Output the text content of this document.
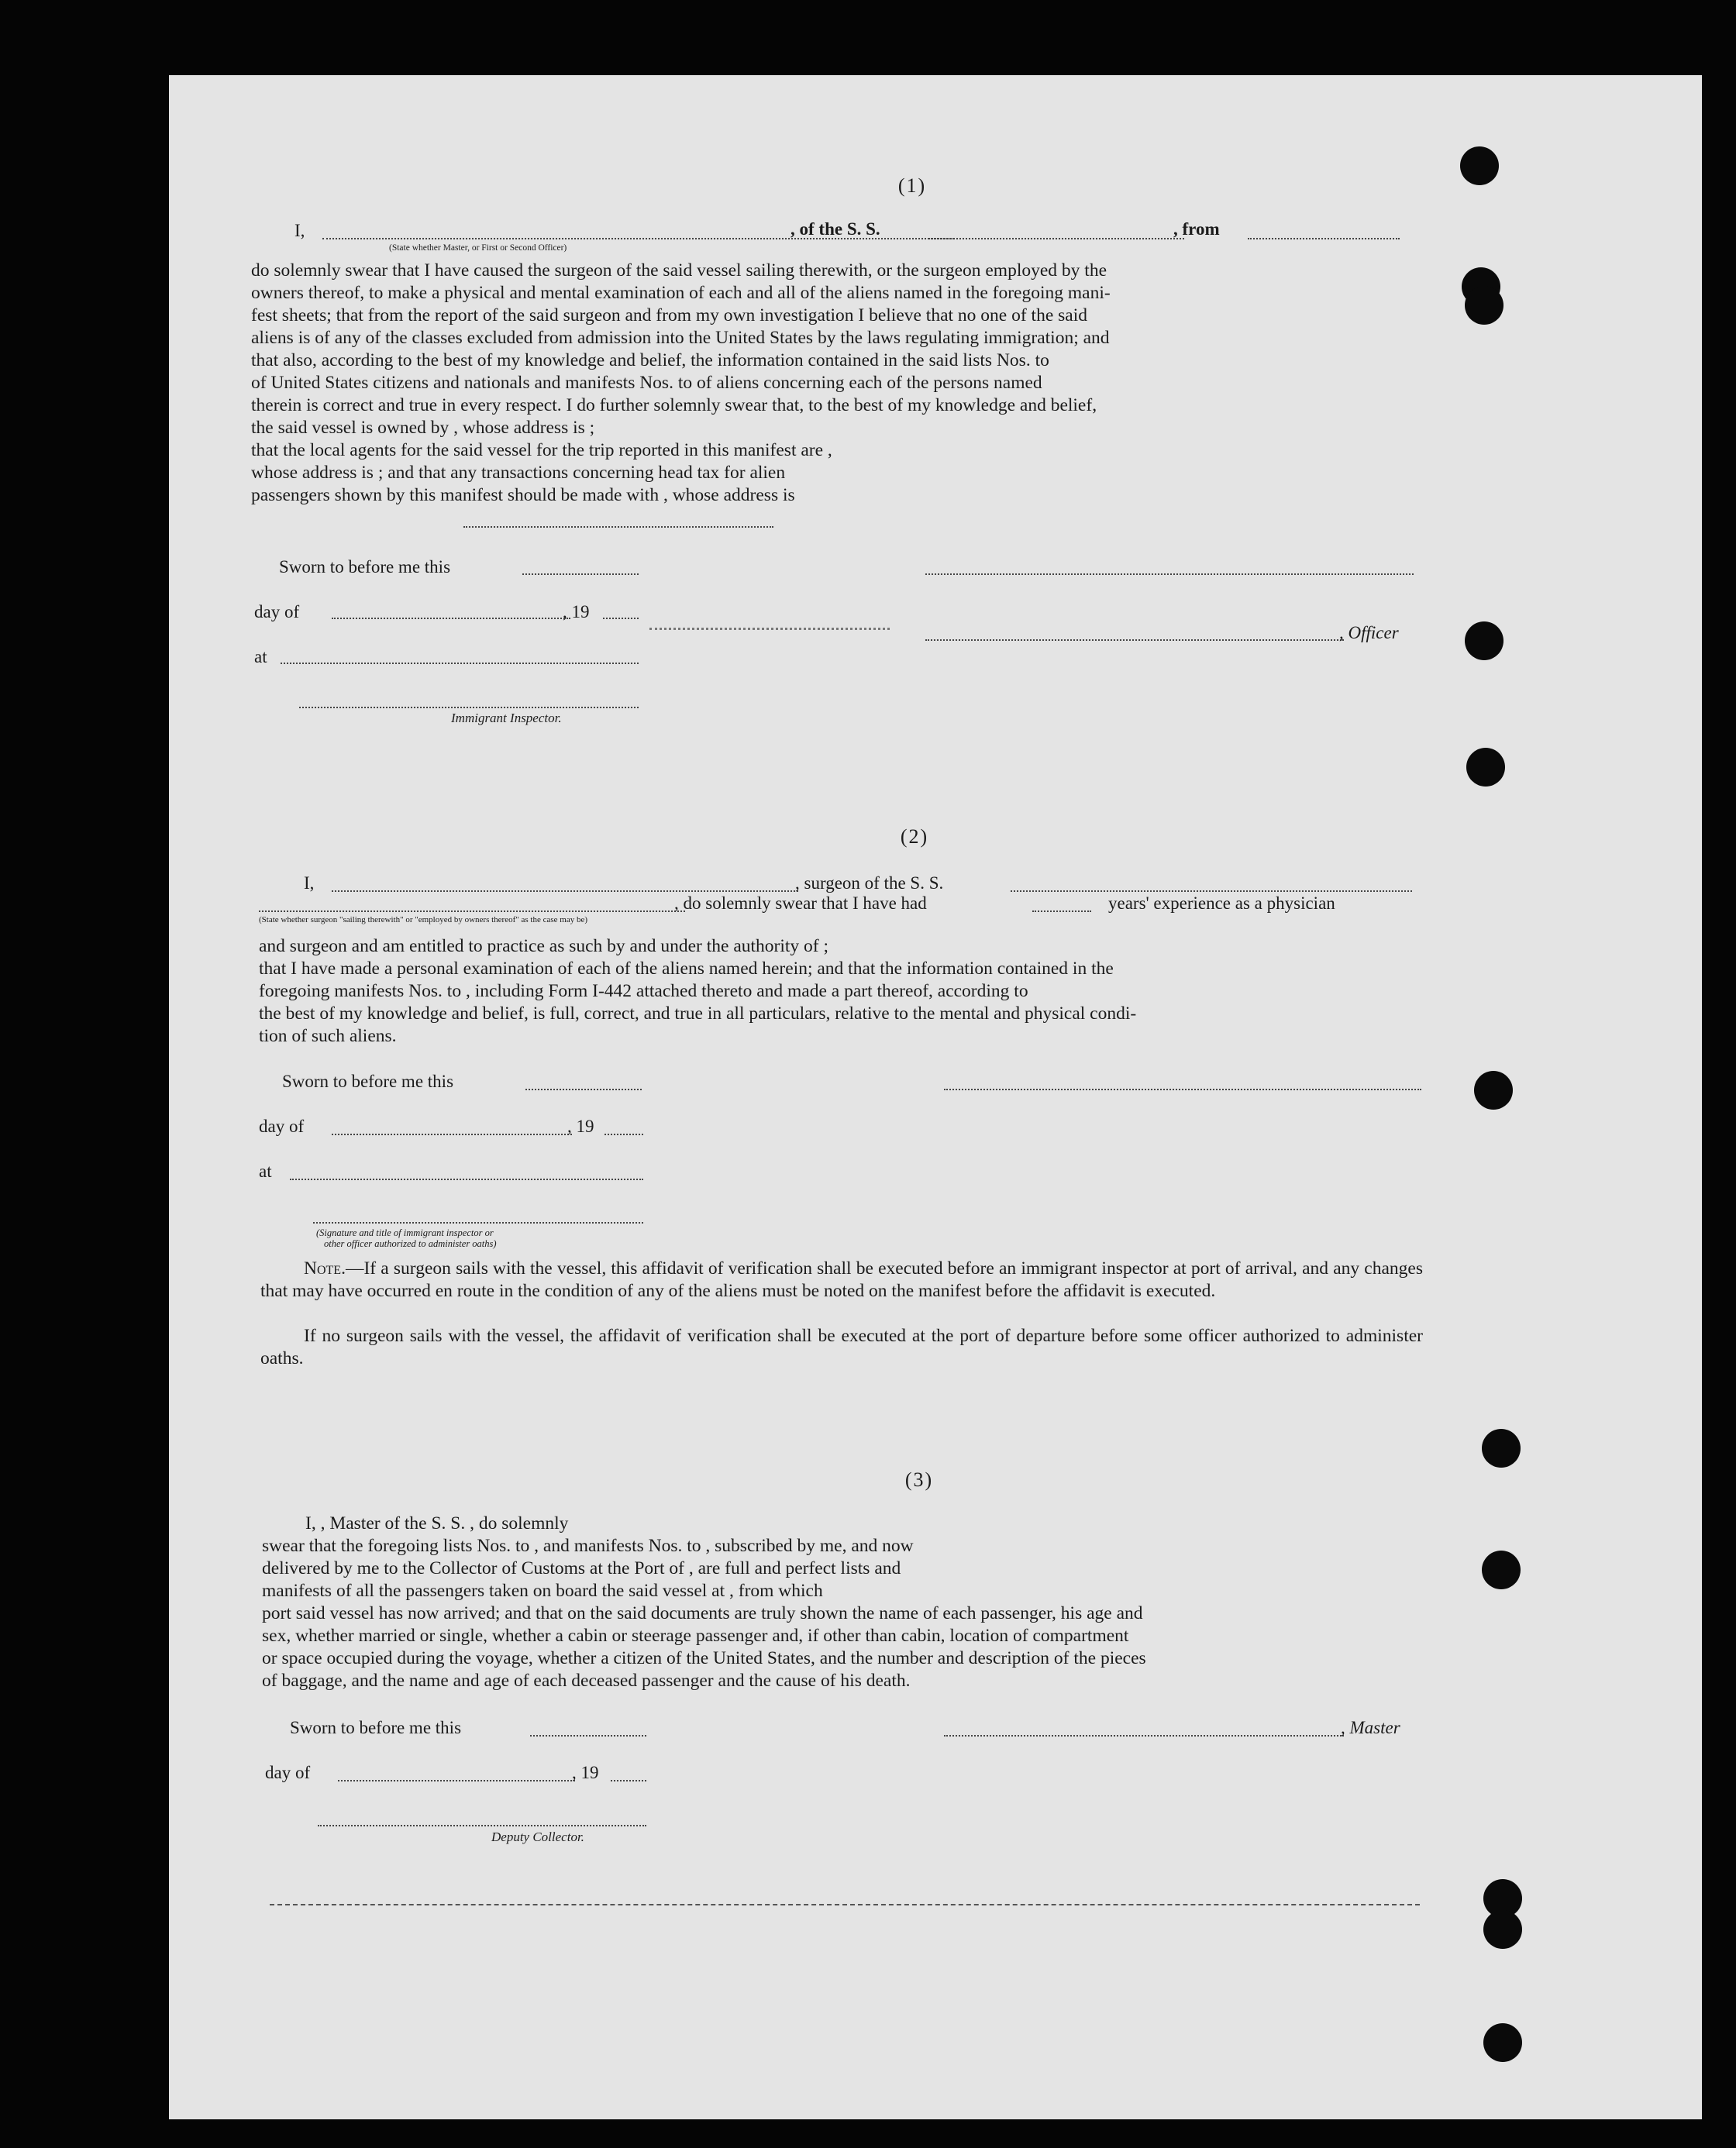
(1)
I,	, of the S. S.	, from
(State whether Master, or First or Second Officer)
do solemnly swear that I have caused the surgeon of the said vessel sailing therewith, or the surgeon employed by the
owners thereof, to make a physical and mental examination of each and all of the aliens named in the foregoing mani-
fest sheets; that from the report of the said surgeon and from my own investigation I believe that no one of the said
aliens is of any of the classes excluded from admission into the United States by the laws regulating immigration; and
that also, according to the best of my knowledge and belief, the information contained in the said lists Nos. to
of United States citizens and nationals and manifests Nos. to of aliens concerning each of the persons named
therein is correct and true in every respect. I do further solemnly swear that, to the best of my knowledge and belief,
the said vessel is owned by , whose address is ;
that the local agents for the said vessel for the trip reported in this manifest are ,
whose address is ; and that any transactions concerning head tax for alien
passengers shown by this manifest should be made with , whose address is
Sworn to before me this
day of	, 19
, Officer
at
Immigrant Inspector.
(2)
I,	, surgeon of the S. S.
, do solemnly swear that I have had	years' experience as a physician
(State whether surgeon "sailing therewith" or "employed by owners thereof" as the case may be)
and surgeon and am entitled to practice as such by and under the authority of ;
that I have made a personal examination of each of the aliens named herein; and that the information contained in the
foregoing manifests Nos. to , including Form I-442 attached thereto and made a part thereof, according to
the best of my knowledge and belief, is full, correct, and true in all particulars, relative to the mental and physical condi-
tion of such aliens.
Sworn to before me this
day of	, 19
at
(Signature and title of immigrant inspector or
other officer authorized to administer oaths)
Note.—If a surgeon sails with the vessel, this affidavit of verification shall be executed before an immigrant inspector at port of arrival, and any changes that may have occurred en route in the condition of any of the aliens must be noted on the manifest before the affidavit is executed.
If no surgeon sails with the vessel, the affidavit of verification shall be executed at the port of departure before some officer authorized to administer oaths.
(3)
I, , Master of the S. S. , do solemnly
swear that the foregoing lists Nos. to , and manifests Nos. to , subscribed by me, and now
delivered by me to the Collector of Customs at the Port of , are full and perfect lists and
manifests of all the passengers taken on board the said vessel at , from which
port said vessel has now arrived; and that on the said documents are truly shown the name of each passenger, his age and
sex, whether married or single, whether a cabin or steerage passenger and, if other than cabin, location of compartment
or space occupied during the voyage, whether a citizen of the United States, and the number and description of the pieces
of baggage, and the name and age of each deceased passenger and the cause of his death.
Sworn to before me this	, Master
day of	, 19
Deputy Collector.
